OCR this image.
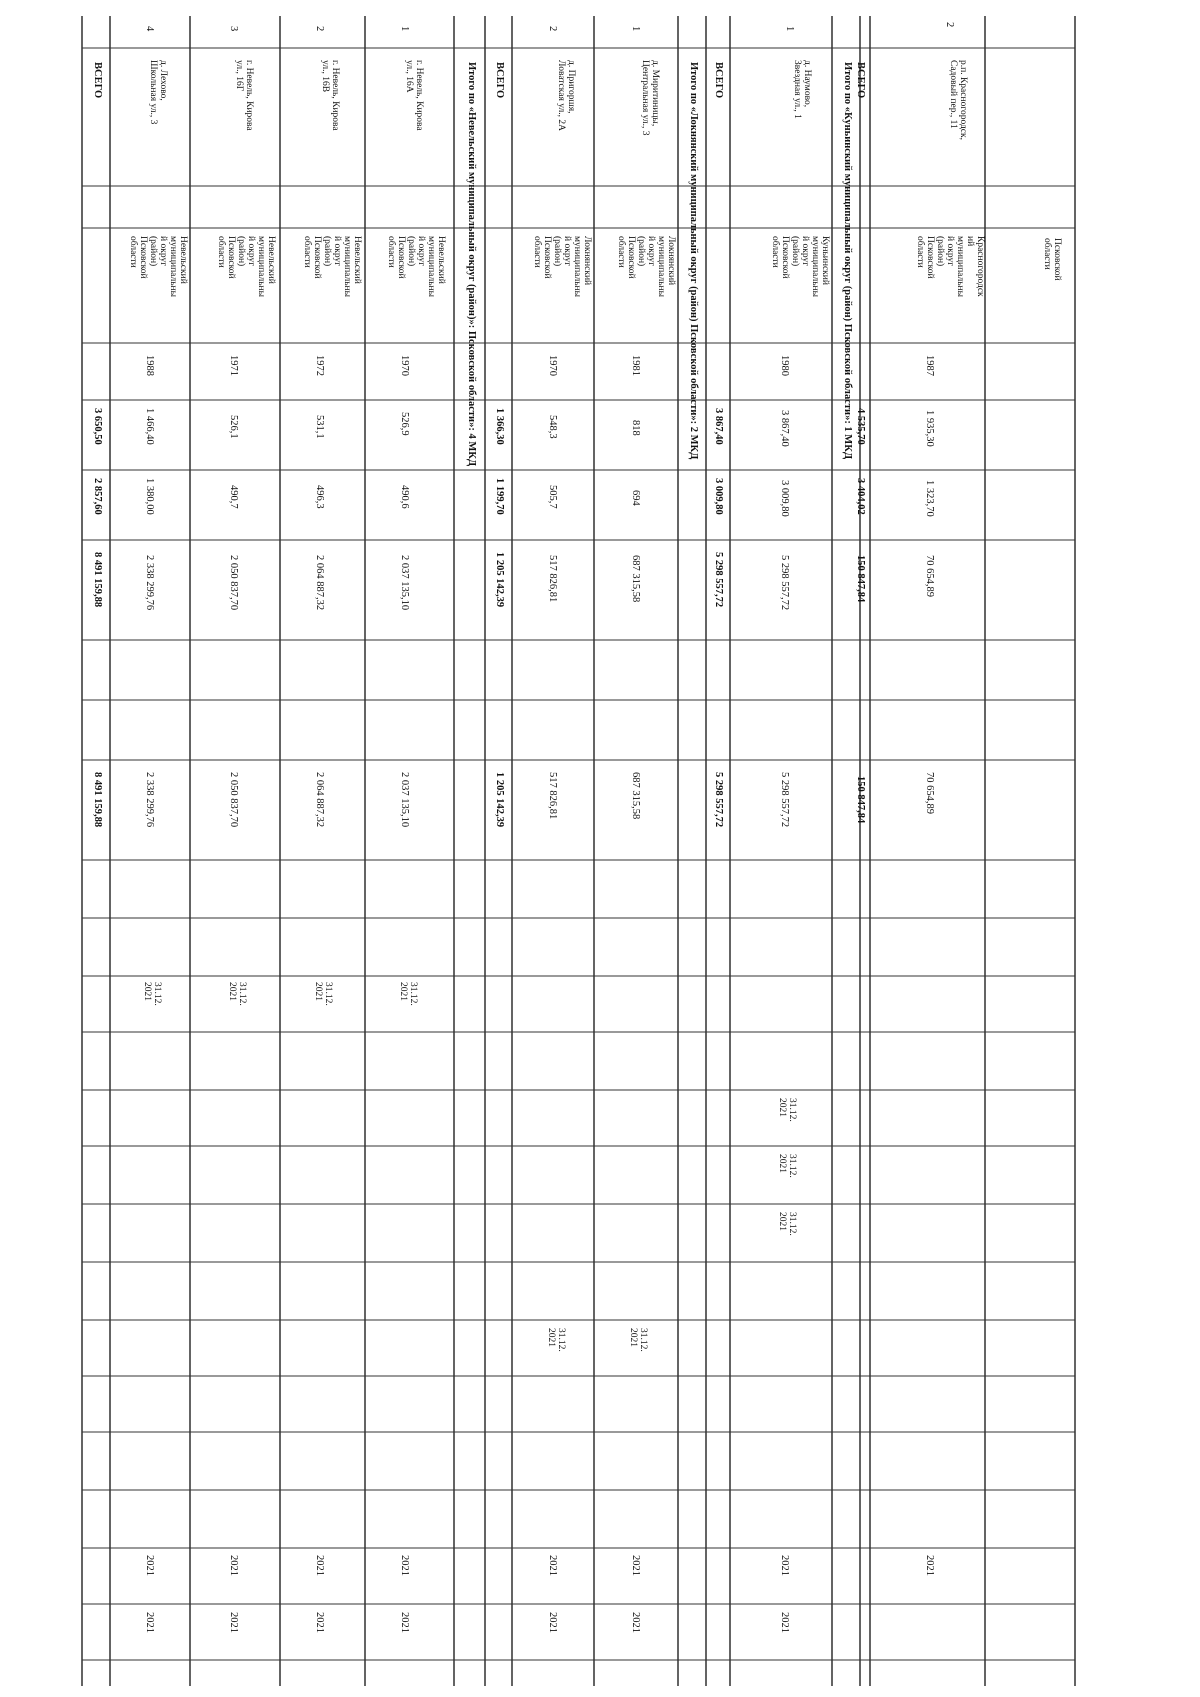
Псковской
области
2
р.п. Красногородск,
Садовый пер., 11
Красногородск
ий
муниципальны
й округ
(район)
Псковской
области
1987
1 935,30
1 323,70
70 654,89
70 654,89
2021
ВСЕГО
4 535,70
3 404,02
150 847,84
150 847,84
Итого по «Куньинский муниципальный округ (район) Псковской области»: 1 МКД
1
д. Наумово,
Звездная ул., 1
Куньинский
муниципальны
й округ
(район)
Псковской
области
1980
3 867,40
3 009,80
5 298 557,72
5 298 557,72
31.12.
2021
31.12.
2021
31.12.
2021
2021
2021
ВСЕГО
3 867,40
3 009,80
5 298 557,72
5 298 557,72
Итого по «Локнянский муниципальный округ (район) Псковской области»: 2 МКД
1
д. Миритиницы,
Центральная ул., 3
Локнянский
муниципальны
й округ
(район)
Псковской
области
1981
818
694
687 315,58
687 315,58
31.12.
2021
2021
2021
2
д. Пригоршя,
Ловатская ул., 2А
Локнянский
муниципальны
й округ
(район)
Псковской
области
1970
548,3
505,7
517 826,81
517 826,81
31.12.
2021
2021
2021
ВСЕГО
1 366,30
1 199,70
1 205 142,39
1 205 142,39
Итого по «Невельский муниципальный округ (район)»: Псковской области»: 4 МКД
1
г. Невель, Кирова
ул., 16А
Невельский
муниципальны
й округ
(район)
Псковской
области
1970
526,9
490,6
2 037 135,10
2 037 135,10
31.12.
2021
2021
2021
2
г. Невель, Кирова
ул., 16В
Невельский
муниципальны
й округ
(район)
Псковской
области
1972
531,1
496,3
2 064 887,32
2 064 887,32
31.12.
2021
2021
2021
3
г. Невель, Кирова
ул., 16Г
Невельский
муниципальны
й округ
(район)
Псковской
области
1971
526,1
490,7
2 050 837,70
2 050 837,70
31.12.
2021
2021
2021
4
д. Лехово,
Школьная ул., 3
Невельский
муниципальны
й округ
(район)
Псковской
области
1988
1 466,40
1 380,00
2 338 299,76
2 338 299,76
31.12.
2021
2021
2021
ВСЕГО
3 650,50
2 857,60
8 491 159,88
8 491 159,88
